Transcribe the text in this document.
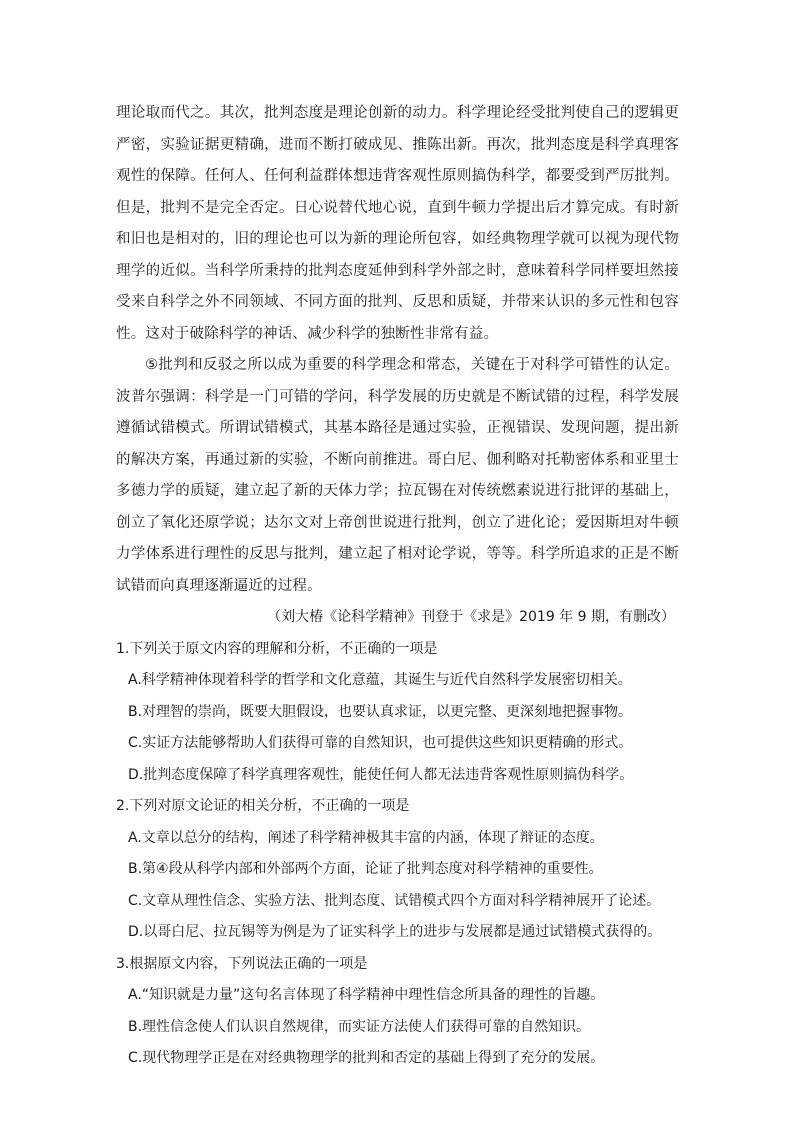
理论取而代之。其次，批判态度是理论创新的动力。科学理论经受批判使自己的逻辑更严密，实验证据更精确，进而不断打破成见、推陈出新。再次，批判态度是科学真理客观性的保障。任何人、任何利益群体想违背客观性原则搞伪科学，都要受到严厉批判。但是，批判不是完全否定。日心说替代地心说，直到牛顿力学提出后才算完成。有时新和旧也是相对的，旧的理论也可以为新的理论所包容，如经典物理学就可以视为现代物理学的近似。当科学所秉持的批判态度延伸到科学外部之时，意味着科学同样要坦然接受来自科学之外不同领域、不同方面的批判、反思和质疑，并带来认识的多元性和包容性。这对于破除科学的神话、减少科学的独断性非常有益。

⑤批判和反驳之所以成为重要的科学理念和常态，关键在于对科学可错性的认定。波普尔强调：科学是一门可错的学问，科学发展的历史就是不断试错的过程，科学发展遵循试错模式。所谓试错模式，其基本路径是通过实验，正视错误、发现问题，提出新的解决方案，再通过新的实验，不断向前推进。哥白尼、伽利略对托勒密体系和亚里士多德力学的质疑，建立起了新的天体力学；拉瓦锡在对传统燃素说进行批评的基础上，创立了氧化还原学说；达尔文对上帝创世说进行批判，创立了进化论；爱因斯坦对牛顿力学体系进行理性的反思与批判，建立起了相对论学说，等等。科学所追求的正是不断试错而向真理逐渐逼近的过程。

（刘大椿《论科学精神》刊登于《求是》2019 年 9 期，有删改）

1.下列关于原文内容的理解和分析，不正确的一项是

A.科学精神体现着科学的哲学和文化意蕴，其诞生与近代自然科学发展密切相关。
B.对理智的崇尚，既要大胆假设，也要认真求证，以更完整、更深刻地把握事物。
C.实证方法能够帮助人们获得可靠的自然知识，也可提供这些知识更精确的形式。
D.批判态度保障了科学真理客观性，能使任何人都无法违背客观性原则搞伪科学。

2.下列对原文论证的相关分析，不正确的一项是

A.文章以总分的结构，阐述了科学精神极其丰富的内涵，体现了辩证的态度。
B.第④段从科学内部和外部两个方面，论证了批判态度对科学精神的重要性。
C.文章从理性信念、实验方法、批判态度、试错模式四个方面对科学精神展开了论述。
D.以哥白尼、拉瓦锡等为例是为了证实科学上的进步与发展都是通过试错模式获得的。

3.根据原文内容，下列说法正确的一项是

A.“知识就是力量”这句名言体现了科学精神中理性信念所具备的理性的旨趣。
B.理性信念使人们认识自然规律，而实证方法使人们获得可靠的自然知识。
C.现代物理学正是在对经典物理学的批判和否定的基础上得到了充分的发展。
